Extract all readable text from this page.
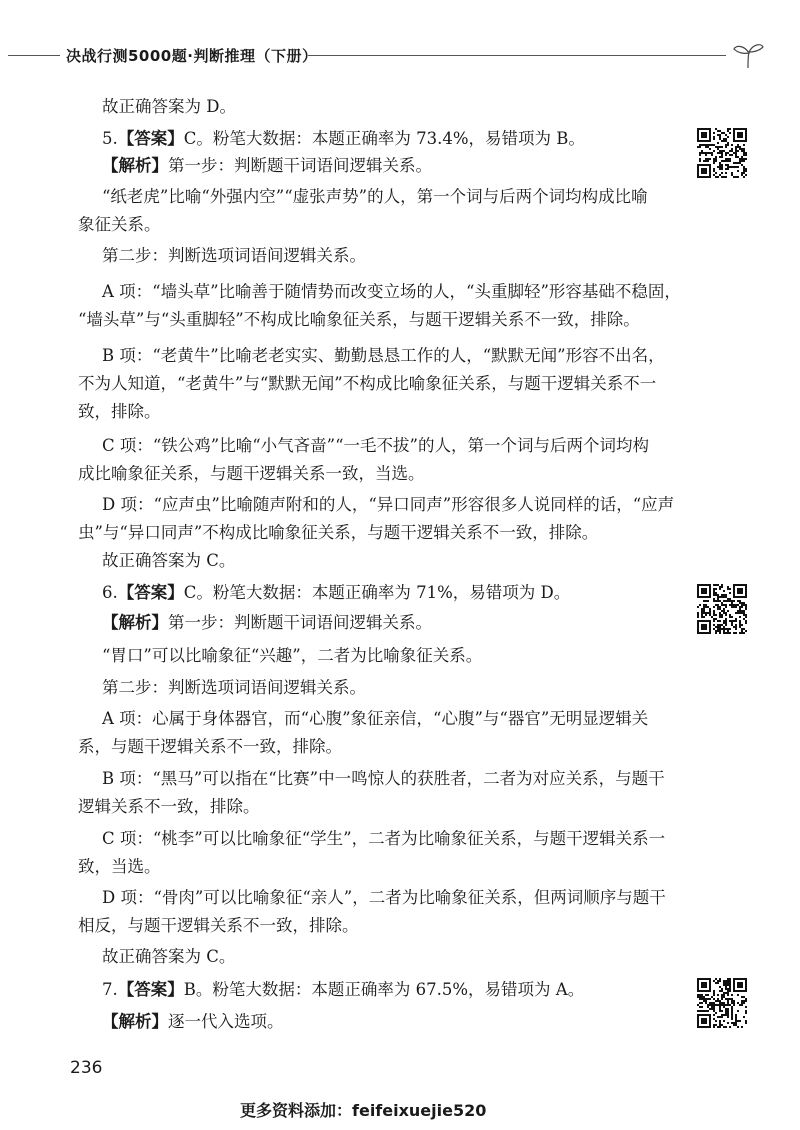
决战行测5000题·判断推理（下册）
故正确答案为 D。
5.【答案】C。粉笔大数据：本题正确率为 73.4%，易错项为 B。
【解析】第一步：判断题干词语间逻辑关系。
“纸老虎”比喻“外强内空”“虚张声势”的人，第一个词与后两个词均构成比喻
象征关系。
第二步：判断选项词语间逻辑关系。
A 项：“墙头草”比喻善于随情势而改变立场的人，“头重脚轻”形容基础不稳固，
“墙头草”与“头重脚轻”不构成比喻象征关系，与题干逻辑关系不一致，排除。
B 项：“老黄牛”比喻老老实实、勤勤恳恳工作的人，“默默无闻”形容不出名，
不为人知道，“老黄牛”与“默默无闻”不构成比喻象征关系，与题干逻辑关系不一
致，排除。
C 项：“铁公鸡”比喻“小气吝啬”“一毛不拔”的人，第一个词与后两个词均构
成比喻象征关系，与题干逻辑关系一致，当选。
D 项：“应声虫”比喻随声附和的人，“异口同声”形容很多人说同样的话，“应声
虫”与“异口同声”不构成比喻象征关系，与题干逻辑关系不一致，排除。
故正确答案为 C。
6.【答案】C。粉笔大数据：本题正确率为 71%，易错项为 D。
【解析】第一步：判断题干词语间逻辑关系。
“胃口”可以比喻象征“兴趣”，二者为比喻象征关系。
第二步：判断选项词语间逻辑关系。
A 项：心属于身体器官，而“心腹”象征亲信，“心腹”与“器官”无明显逻辑关
系，与题干逻辑关系不一致，排除。
B 项：“黑马”可以指在“比赛”中一鸣惊人的获胜者，二者为对应关系，与题干
逻辑关系不一致，排除。
C 项：“桃李”可以比喻象征“学生”，二者为比喻象征关系，与题干逻辑关系一
致，当选。
D 项：“骨肉”可以比喻象征“亲人”，二者为比喻象征关系，但两词顺序与题干
相反，与题干逻辑关系不一致，排除。
故正确答案为 C。
7.【答案】B。粉笔大数据：本题正确率为 67.5%，易错项为 A。
【解析】逐一代入选项。
236
更多资料添加：feifeixuejie520
